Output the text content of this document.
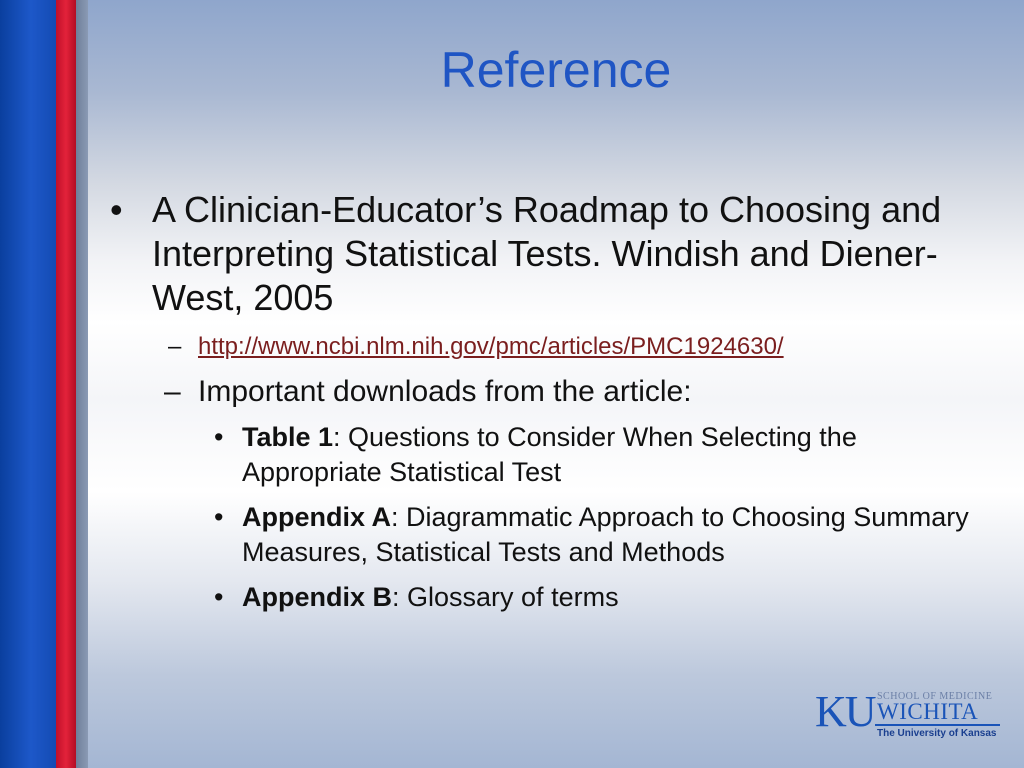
Reference
• A Clinician-Educator’s Roadmap to Choosing and Interpreting Statistical Tests. Windish and Diener-West, 2005
– http://www.ncbi.nlm.nih.gov/pmc/articles/PMC1924630/
– Important downloads from the article:
• Table 1: Questions to Consider When Selecting the Appropriate Statistical Test
• Appendix A: Diagrammatic Approach to Choosing Summary Measures, Statistical Tests and Methods
• Appendix B: Glossary of terms
KU SCHOOL OF MEDICINE
WICHITA
The University of Kansas
